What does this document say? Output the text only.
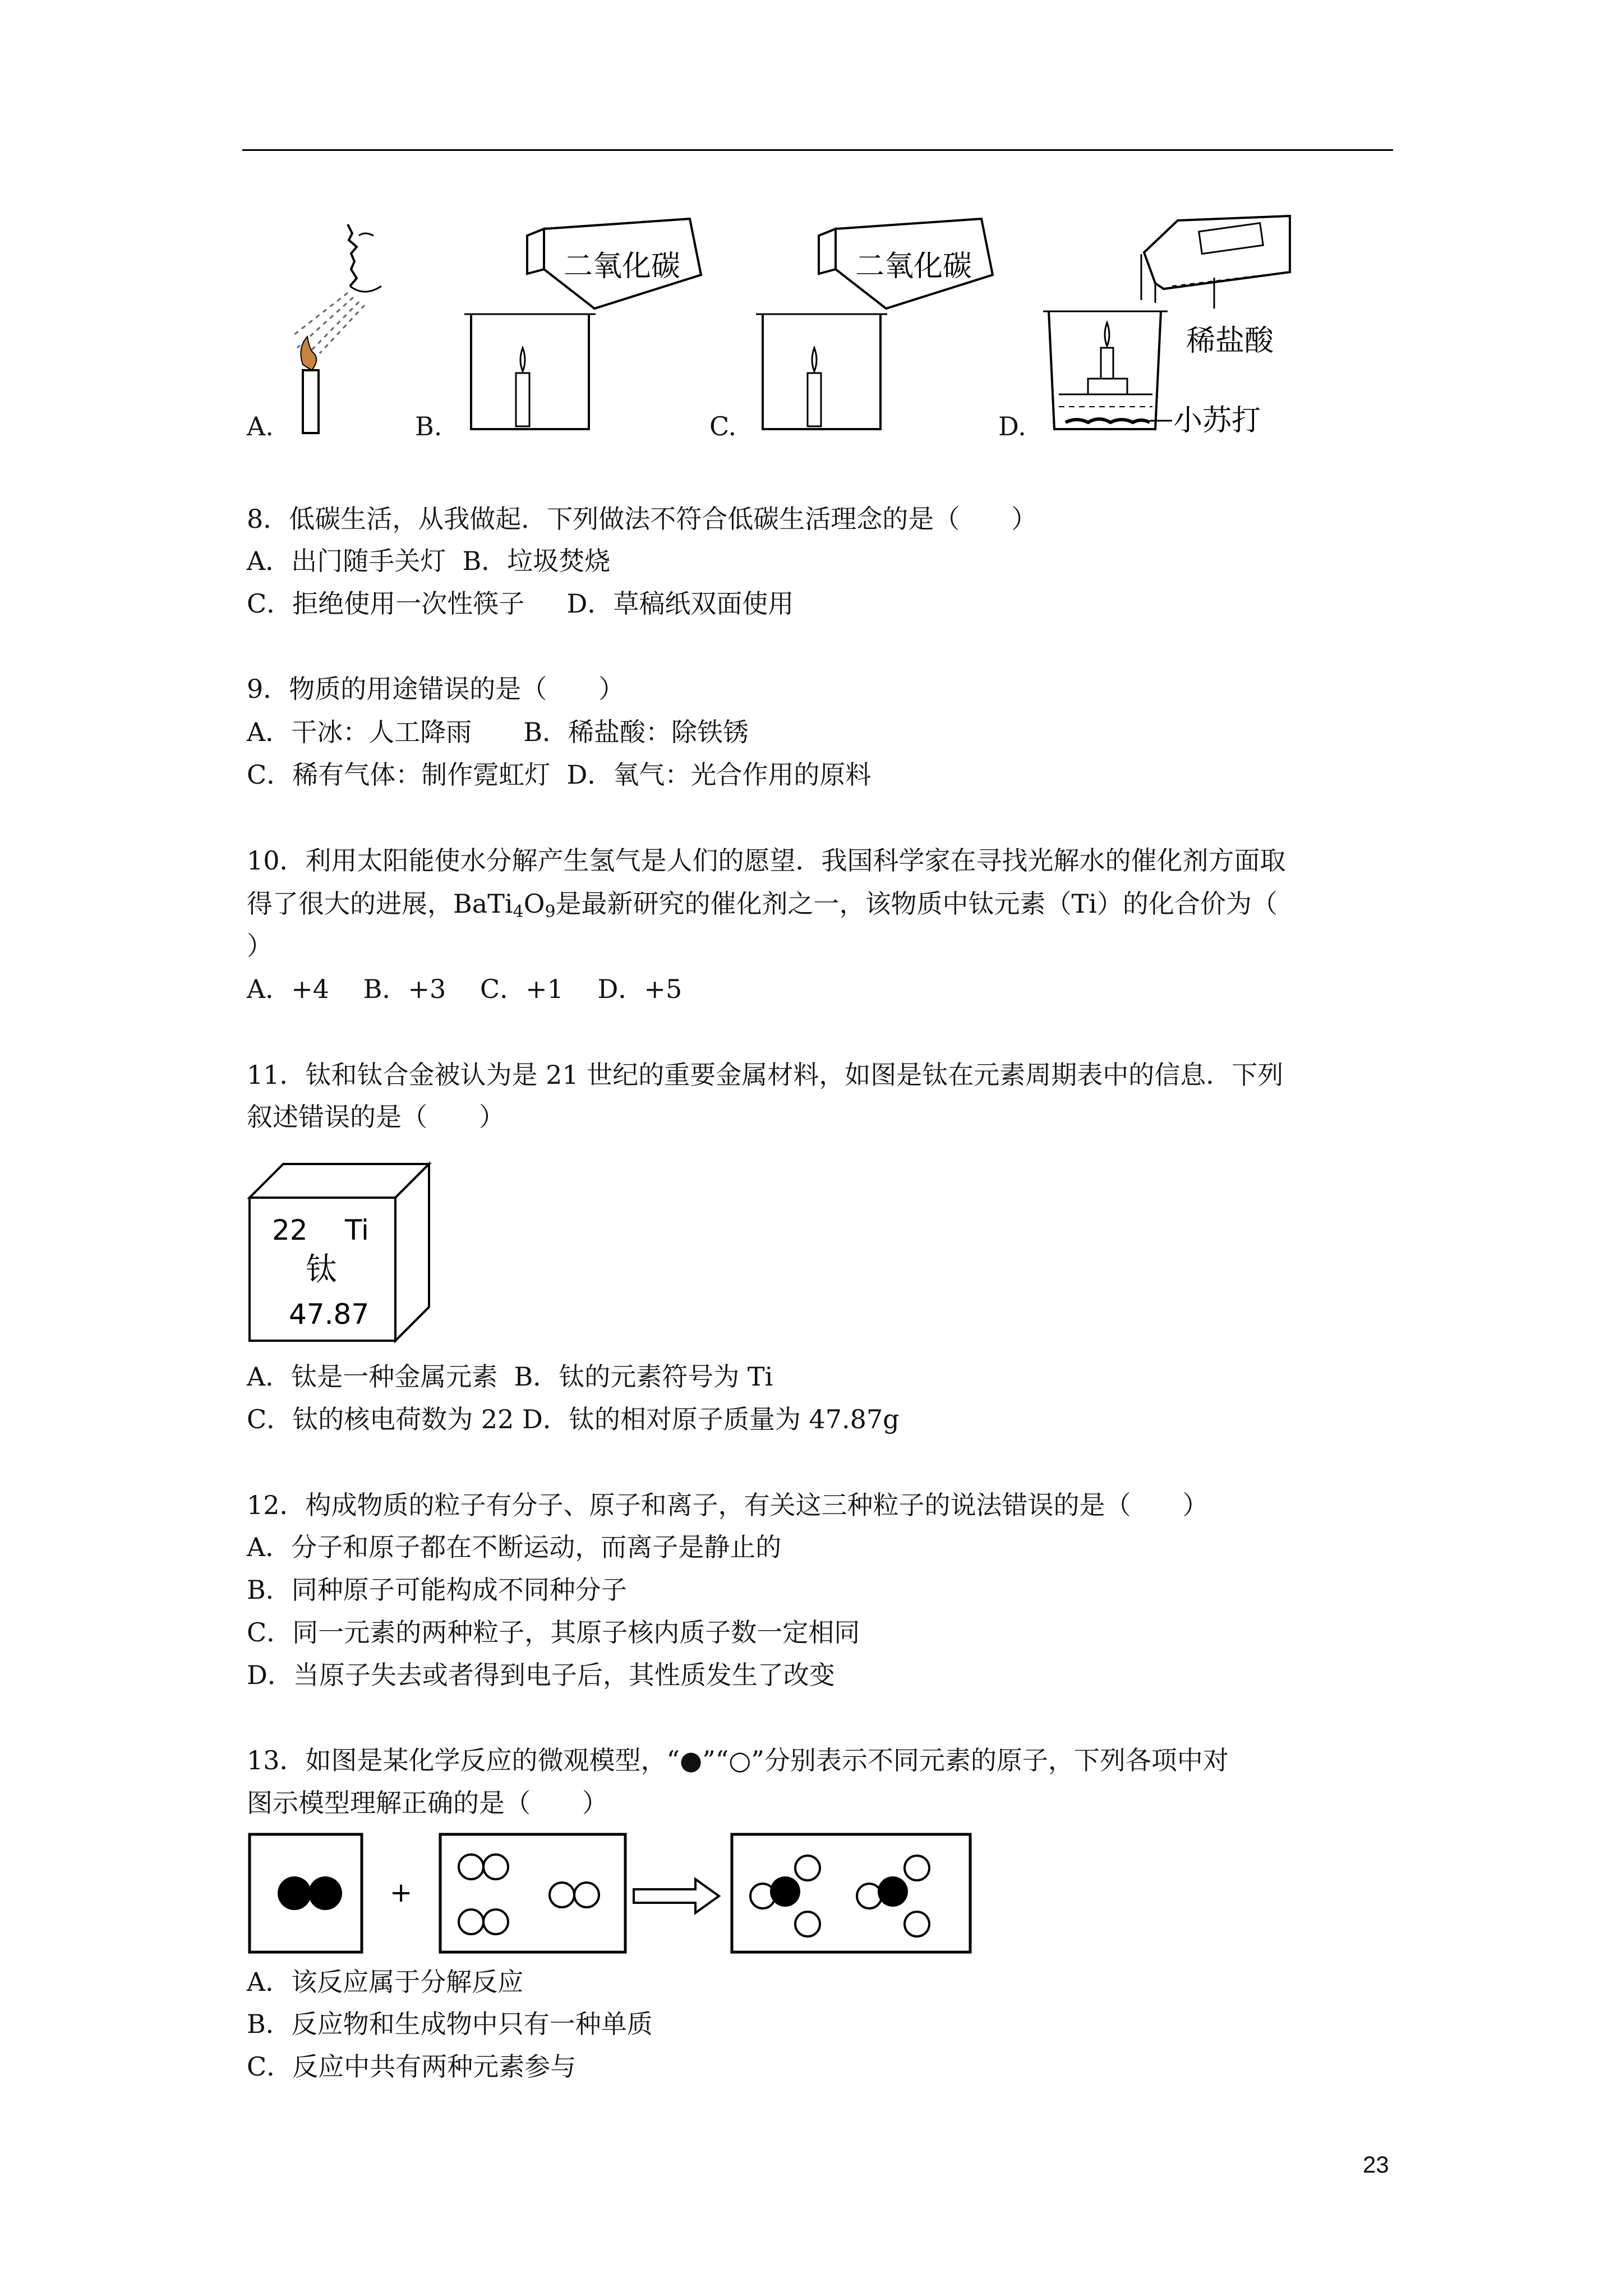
A.	B.
二氧化碳
C.
二氧化碳
D.
稀盐酸
小苏打
8．低碳生活，从我做起．下列做法不符合低碳生活理念的是（　　）
A．出门随手关灯  B．垃圾焚烧
C．拒绝使用一次性筷子　  D．草稿纸双面使用
9．物质的用途错误的是（　　）
A．干冰：人工降雨　　B．稀盐酸：除铁锈
C．稀有气体：制作霓虹灯  D．氧气：光合作用的原料
10．利用太阳能使水分解产生氢气是人们的愿望．我国科学家在寻找光解水的催化剂方面取
得了很大的进展，$BaTi_4O_9$是最新研究的催化剂之一，该物质中钛元素（Ti）的化合价为（
）
A．+4　 B．+3　 C．+1　 D．+5
11．钛和钛合金被认为是 21 世纪的重要金属材料，如图是钛在元素周期表中的信息．下列
叙述错误的是（　　）
22 Ti
钛
47.87
A．钛是一种金属元素  B．钛的元素符号为 Ti
C．钛的核电荷数为 22 D．钛的相对原子质量为 47.87g
12．构成物质的粒子有分子、原子和离子，有关这三种粒子的说法错误的是（　　）
A．分子和原子都在不断运动，而离子是静止的
B．同种原子可能构成不同种分子
C．同一元素的两种粒子，其原子核内质子数一定相同
D．当原子失去或者得到电子后，其性质发生了改变
13．如图是某化学反应的微观模型，“●”“○”分别表示不同元素的原子，下列各项中对
图示模型理解正确的是（　　）
+
A．该反应属于分解反应
B．反应物和生成物中只有一种单质
C．反应中共有两种元素参与
23
